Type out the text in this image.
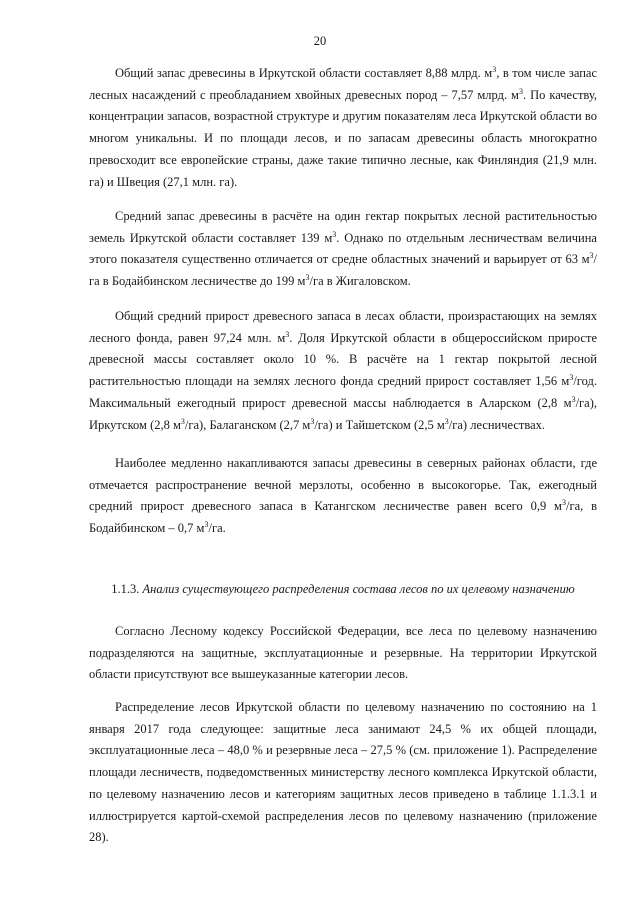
20

Общий запас древесины в Иркутской области составляет 8,88 млрд. $м^3$, в том числе запас лесных насаждений с преобладанием хвойных древесных пород – 7,57 млрд. $м^3$. По качеству, концентрации запасов, возрастной структуре и другим показателям леса Иркутской области во многом уникальны. И по площади лесов, и по запасам древесины область многократно превосходит все европейские страны, даже такие типично лесные, как Финляндия (21,9 млн. га) и Швеция (27,1 млн. га).

Средний запас древесины в расчёте на один гектар покрытых лесной растительностью земель Иркутской области составляет 139 $м^3$. Однако по отдельным лесничествам величина этого показателя существенно отличается от средне областных значений и варьирует от 63 $м^3/га$ в Бодайбинском лесничестве до 199 $м^3/га$ в Жигаловском.

Общий средний прирост древесного запаса в лесах области, произрастающих на землях лесного фонда, равен 97,24 млн. $м^3$. Доля Иркутской области в общероссийском приросте древесной массы составляет около 10 %. В расчёте на 1 гектар покрытой лесной растительностью площади на землях лесного фонда средний прирост составляет 1,56 $м^3$/год. Максимальный ежегодный прирост древесной массы наблюдается в Аларском (2,8 $м^3/га$), Иркутском (2,8 $м^3/га$), Балаганском (2,7 $м^3/га$) и Тайшетском (2,5 $м^3/га$) лесничествах.

Наиболее медленно накапливаются запасы древесины в северных районах области, где отмечается распространение вечной мерзлоты, особенно в высокогорье. Так, ежегодный средний прирост древесного запаса в Катангском лесничестве равен всего 0,9 $м^3/га$, в Бодайбинском – 0,7 $м^3/га$.

1.1.3. Анализ существующего распределения состава лесов по их целевому назначению

Согласно Лесному кодексу Российской Федерации, все леса по целевому назначению подразделяются на защитные, эксплуатационные и резервные. На территории Иркутской области присутствуют все вышеуказанные категории лесов.

Распределение лесов Иркутской области по целевому назначению по состоянию на 1 января 2017 года следующее: защитные леса занимают 24,5 % их общей площади, эксплуатационные леса – 48,0 % и резервные леса – 27,5 % (см. приложение 1). Распределение площади лесничеств, подведомственных министерству лесного комплекса Иркутской области, по целевому назначению лесов и категориям защитных лесов приведено в таблице 1.1.3.1 и иллюстрируется картой-схемой распределения лесов по целевому назначению (приложение 28).
